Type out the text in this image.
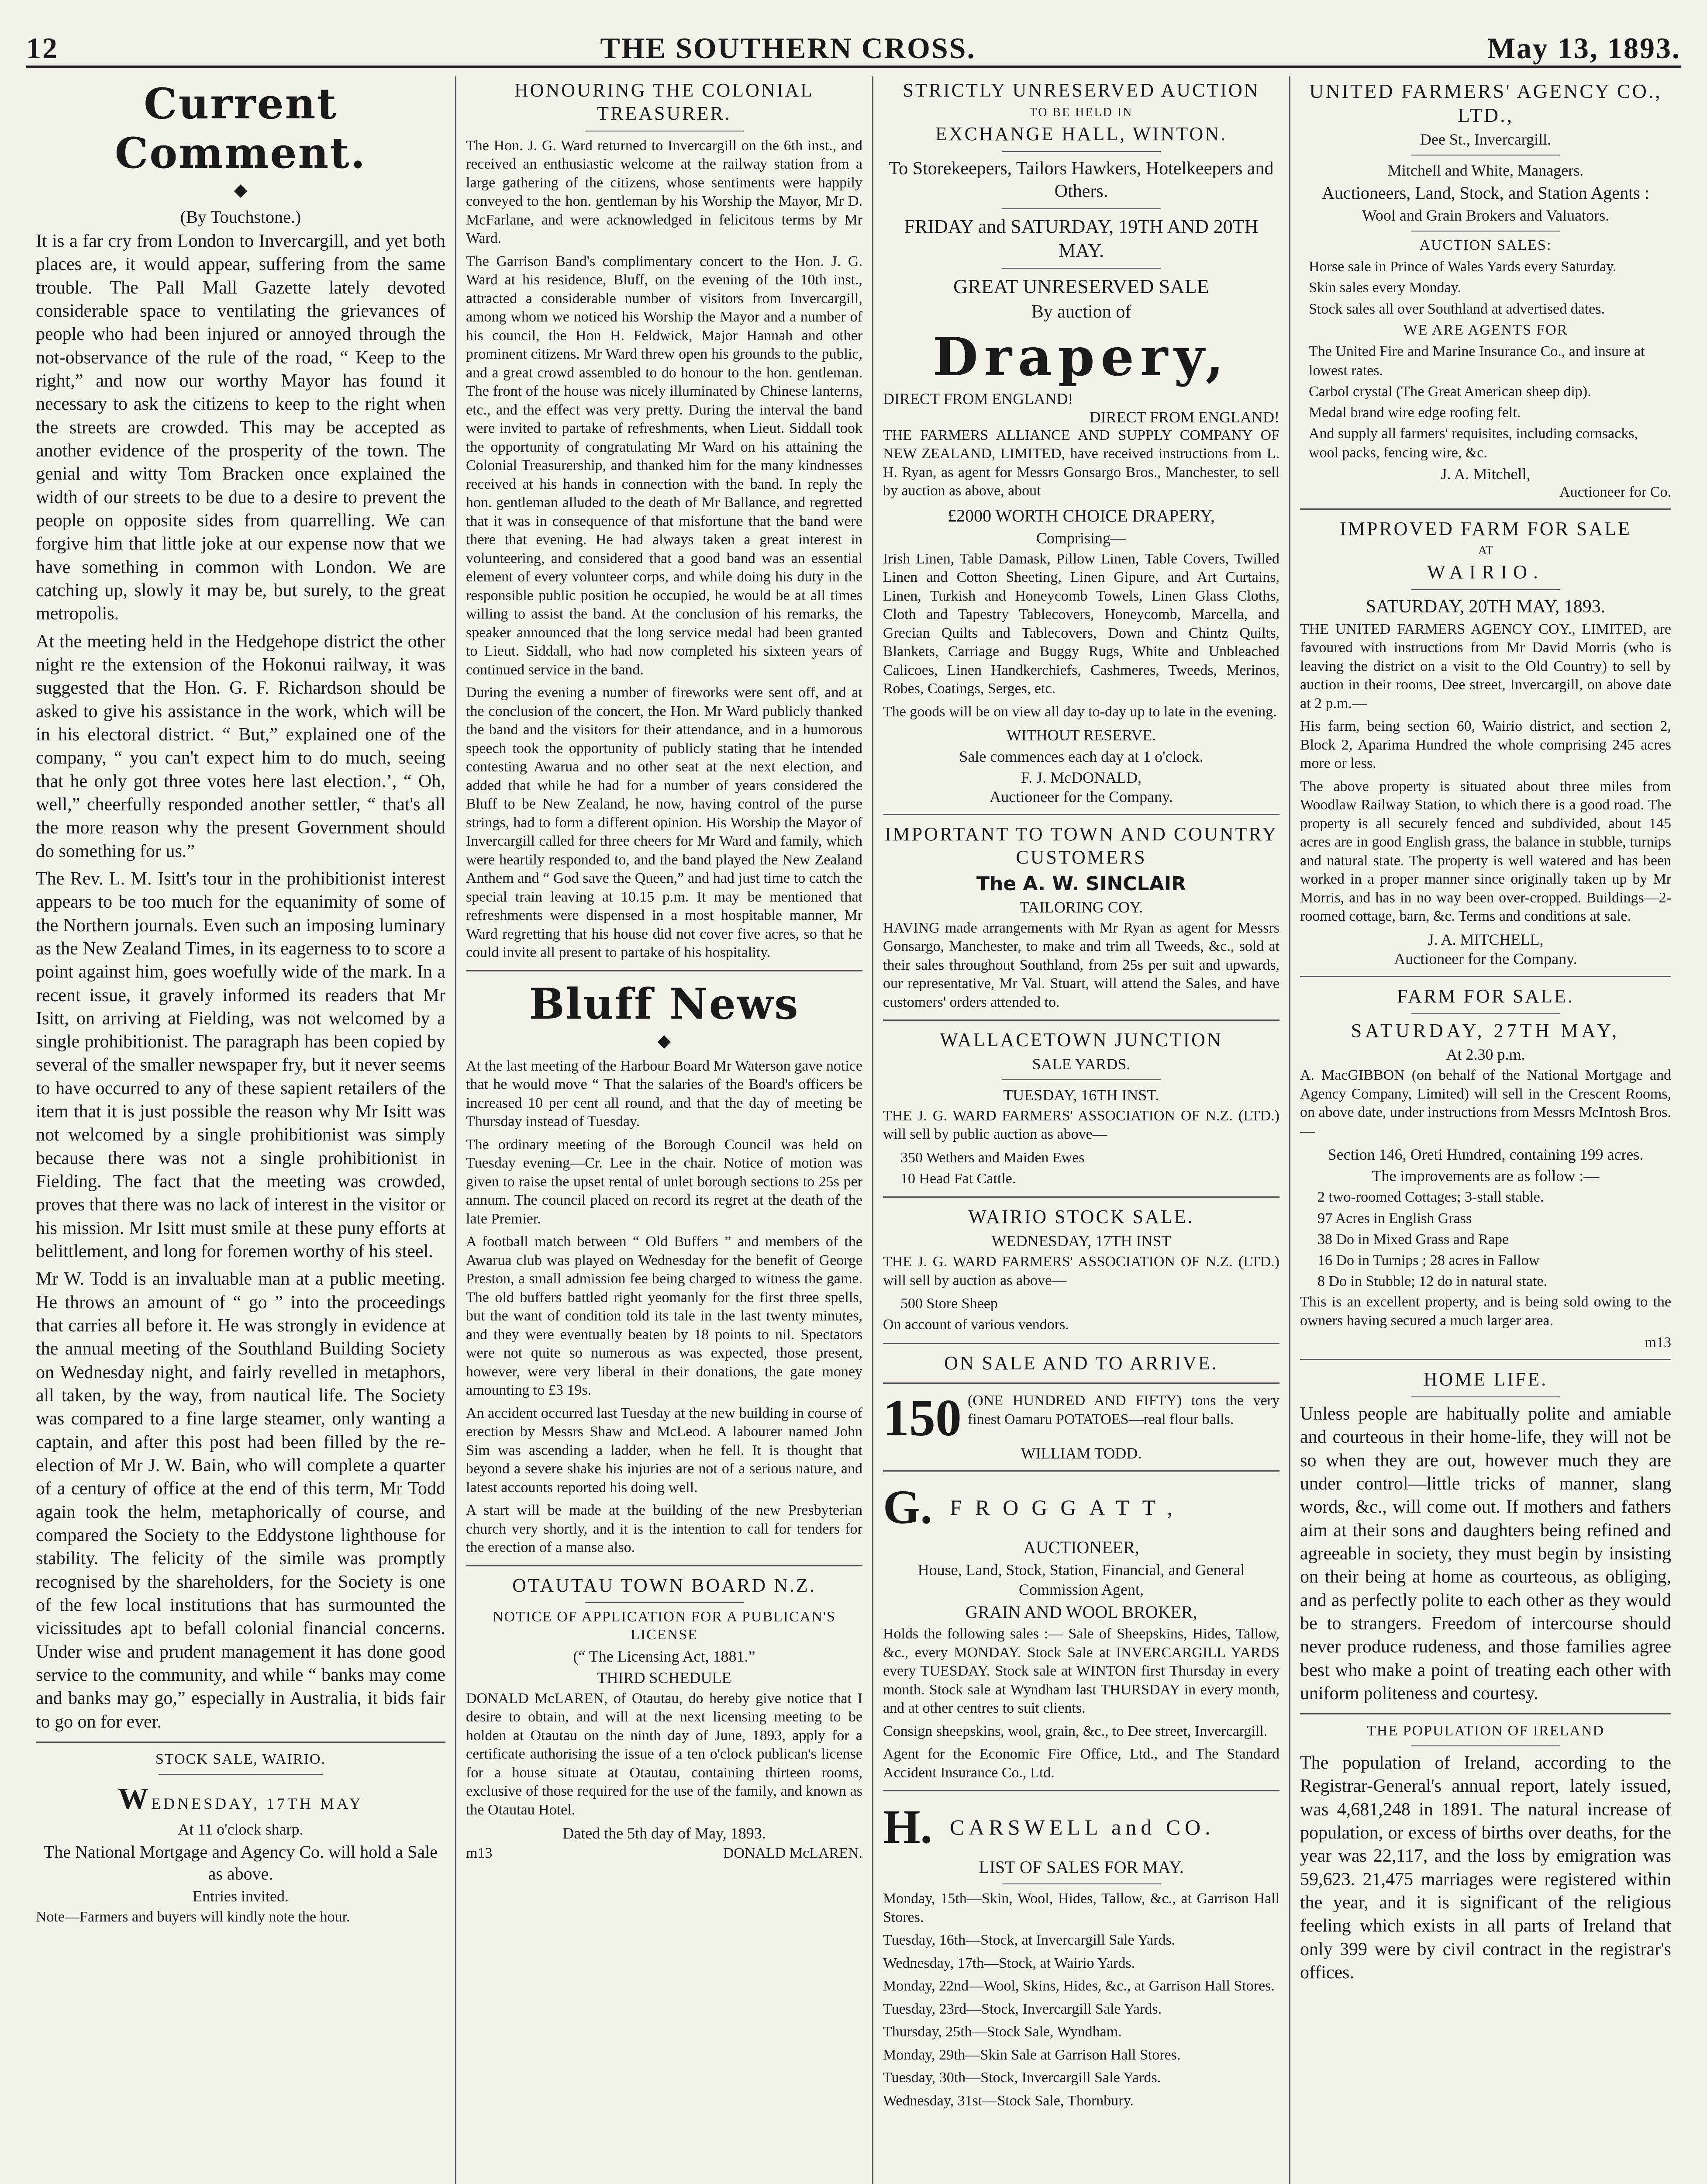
12	THE SOUTHERN CROSS.	May 13, 1893.
Current Comment.
◆
(By Touchstone.)

It is a far cry from London to Invercargill, and yet both places are, it would appear, suffering from the same trouble. The Pall Mall Gazette lately devoted considerable space to ventilating the grievances of people who had been injured or annoyed through the not-observance of the rule of the road, “ Keep to the right,” and now our worthy Mayor has found it necessary to ask the citizens to keep to the right when the streets are crowded. This may be accepted as another evidence of the prosperity of the town. The genial and witty Tom Bracken once explained the width of our streets to be due to a desire to prevent the people on opposite sides from quarrelling. We can forgive him that little joke at our expense now that we have something in common with London. We are catching up, slowly it may be, but surely, to the great metropolis.

At the meeting held in the Hedgehope district the other night re the extension of the Hokonui railway, it was suggested that the Hon. G. F. Richardson should be asked to give his assistance in the work, which will be in his electoral district. “ But,” explained one of the company, “ you can't expect him to do much, seeing that he only got three votes here last election.’, “ Oh, well,” cheerfully responded another settler, “ that's all the more reason why the present Government should do something for us.”

The Rev. L. M. Isitt's tour in the prohibitionist interest appears to be too much for the equanimity of some of the Northern journals. Even such an imposing luminary as the New Zealand Times, in its eagerness to to score a point against him, goes woefully wide of the mark. In a recent issue, it gravely informed its readers that Mr Isitt, on arriving at Fielding, was not welcomed by a single prohibitionist. The paragraph has been copied by several of the smaller newspaper fry, but it never seems to have occurred to any of these sapient retailers of the item that it is just possible the reason why Mr Isitt was not welcomed by a single prohibitionist was simply because there was not a single prohibitionist in Fielding. The fact that the meeting was crowded, proves that there was no lack of interest in the visitor or his mission. Mr Isitt must smile at these puny efforts at belittlement, and long for foremen worthy of his steel.

Mr W. Todd is an invaluable man at a public meeting. He throws an amount of “ go ” into the proceedings that carries all before it. He was strongly in evidence at the annual meeting of the Southland Building Society on Wednesday night, and fairly revelled in metaphors, all taken, by the way, from nautical life. The Society was compared to a fine large steamer, only wanting a captain, and after this post had been filled by the re-election of Mr J. W. Bain, who will complete a quarter of a century of office at the end of this term, Mr Todd again took the helm, metaphorically of course, and compared the Society to the Eddystone lighthouse for stability. The felicity of the simile was promptly recognised by the shareholders, for the Society is one of the few local institutions that has surmounted the vicissitudes apt to befall colonial financial concerns. Under wise and prudent management it has done good service to the community, and while “ banks may come and banks may go,” especially in Australia, it bids fair to go on for ever.

STOCK SALE, WAIRIO.
WEDNESDAY, 17TH MAY
At 11 o'clock sharp.
The National Mortgage and Agency Co. will hold a Sale as above.
Entries invited.

Note—Farmers and buyers will kindly note the hour.

HONOURING THE COLONIAL TREASURER.

The Hon. J. G. Ward returned to Invercargill on the 6th inst., and received an enthusiastic welcome at the railway station from a large gathering of the citizens, whose sentiments were happily conveyed to the hon. gentleman by his Worship the Mayor, Mr D. McFarlane, and were acknowledged in felicitous terms by Mr Ward.

The Garrison Band's complimentary concert to the Hon. J. G. Ward at his residence, Bluff, on the evening of the 10th inst., attracted a considerable number of visitors from Invercargill, among whom we noticed his Worship the Mayor and a number of his council, the Hon H. Feldwick, Major Hannah and other prominent citizens. Mr Ward threw open his grounds to the public, and a great crowd assembled to do honour to the hon. gentleman. The front of the house was nicely illuminated by Chinese lanterns, etc., and the effect was very pretty. During the interval the band were invited to partake of refreshments, when Lieut. Siddall took the opportunity of congratulating Mr Ward on his attaining the Colonial Treasurership, and thanked him for the many kindnesses received at his hands in connection with the band. In reply the hon. gentleman alluded to the death of Mr Ballance, and regretted that it was in consequence of that misfortune that the band were there that evening. He had always taken a great interest in volunteering, and considered that a good band was an essential element of every volunteer corps, and while doing his duty in the responsible public position he occupied, he would be at all times willing to assist the band. At the conclusion of his remarks, the speaker announced that the long service medal had been granted to Lieut. Siddall, who had now completed his sixteen years of continued service in the band.

During the evening a number of fireworks were sent off, and at the conclusion of the concert, the Hon. Mr Ward publicly thanked the band and the visitors for their attendance, and in a humorous speech took the opportunity of publicly stating that he intended contesting Awarua and no other seat at the next election, and added that while he had for a number of years considered the Bluff to be New Zealand, he now, having control of the purse strings, had to form a different opinion. His Worship the Mayor of Invercargill called for three cheers for Mr Ward and family, which were heartily responded to, and the band played the New Zealand Anthem and “ God save the Queen,” and had just time to catch the special train leaving at 10.15 p.m. It may be mentioned that refreshments were dispensed in a most hospitable manner, Mr Ward regretting that his house did not cover five acres, so that he could invite all present to partake of his hospitality.

Bluff News
◆

At the last meeting of the Harbour Board Mr Waterson gave notice that he would move “ That the salaries of the Board's officers be increased 10 per cent all round, and that the day of meeting be Thursday instead of Tuesday.

The ordinary meeting of the Borough Council was held on Tuesday evening—Cr. Lee in the chair. Notice of motion was given to raise the upset rental of unlet borough sections to 25s per annum. The council placed on record its regret at the death of the late Premier.

A football match between “ Old Buffers ” and members of the Awarua club was played on Wednesday for the benefit of George Preston, a small admission fee being charged to witness the game. The old buffers battled right yeomanly for the first three spells, but the want of condition told its tale in the last twenty minutes, and they were eventually beaten by 18 points to nil. Spectators were not quite so numerous as was expected, those present, however, were very liberal in their donations, the gate money amounting to £3 19s.

An accident occurred last Tuesday at the new building in course of erection by Messrs Shaw and McLeod. A labourer named John Sim was ascending a ladder, when he fell. It is thought that beyond a severe shake his injuries are not of a serious nature, and latest accounts reported his doing well.

A start will be made at the building of the new Presbyterian church very shortly, and it is the intention to call for tenders for the erection of a manse also.

OTAUTAU TOWN BOARD N.Z.
NOTICE OF APPLICATION FOR A PUBLICAN'S LICENSE
(“ The Licensing Act, 1881.”
THIRD SCHEDULE

DONALD McLAREN, of Otautau, do hereby give notice that I desire to obtain, and will at the next licensing meeting to be holden at Otautau on the ninth day of June, 1893, apply for a certificate authorising the issue of a ten o'clock publican's license for a house situate at Otautau, containing thirteen rooms, exclusive of those required for the use of the family, and known as the Otautau Hotel.

Dated the 5th day of May, 1893.
m13	DONALD McLAREN.
STRICTLY UNRESERVED AUCTION
TO BE HELD IN
EXCHANGE HALL, WINTON.
To Storekeepers, Tailors Hawkers, Hotelkeepers and Others.
FRIDAY and SATURDAY, 19TH AND 20TH MAY.
GREAT UNRESERVED SALE
By auction of
Drapery,
DIRECT FROM ENGLAND!
DIRECT FROM ENGLAND!

THE FARMERS ALLIANCE AND SUPPLY COMPANY OF NEW ZEALAND, LIMITED, have received instructions from L. H. Ryan, as agent for Messrs Gonsargo Bros., Manchester, to sell by auction as above, about

£2000 WORTH CHOICE DRAPERY,
Comprising—

Irish Linen, Table Damask, Pillow Linen, Table Covers, Twilled Linen and Cotton Sheeting, Linen Gipure, and Art Curtains, Linen, Turkish and Honeycomb Towels, Linen Glass Cloths, Cloth and Tapestry Tablecovers, Honeycomb, Marcella, and Grecian Quilts and Tablecovers, Down and Chintz Quilts, Blankets, Carriage and Buggy Rugs, White and Unbleached Calicoes, Linen Handkerchiefs, Cashmeres, Tweeds, Merinos, Robes, Coatings, Serges, etc.

The goods will be on view all day to-day up to late in the evening.

WITHOUT RESERVE.
Sale commences each day at 1 o'clock.
F. J. McDONALD,
Auctioneer for the Company.
IMPORTANT TO TOWN AND COUNTRY CUSTOMERS
The A. W. SINCLAIR
TAILORING COY.

HAVING made arrangements with Mr Ryan as agent for Messrs Gonsargo, Manchester, to make and trim all Tweeds, &c., sold at their sales throughout Southland, from 25s per suit and upwards, our representative, Mr Val. Stuart, will attend the Sales, and have customers' orders attended to.

WALLACETOWN JUNCTION
SALE YARDS.
TUESDAY, 16TH INST.

THE J. G. WARD FARMERS' ASSOCIATION OF N.Z. (LTD.) will sell by public auction as above—

350 Wethers and Maiden Ewes
10 Head Fat Cattle.
WAIRIO STOCK SALE.
WEDNESDAY, 17TH INST

THE J. G. WARD FARMERS' ASSOCIATION OF N.Z. (LTD.) will sell by auction as above—

500 Store Sheep
On account of various vendors.
ON SALE AND TO ARRIVE.
150 (ONE HUNDRED AND FIFTY) tons the very finest Oamaru POTATOES—real flour balls.

WILLIAM TODD.
G. FROGGATT,
AUCTIONEER,
House, Land, Stock, Station, Financial, and General Commission Agent,
GRAIN AND WOOL BROKER,

Holds the following sales :— Sale of Sheepskins, Hides, Tallow, &c., every MONDAY. Stock Sale at INVERCARGILL YARDS every TUESDAY. Stock sale at WINTON first Thursday in every month. Stock sale at Wyndham last THURSDAY in every month, and at other centres to suit clients.

Consign sheepskins, wool, grain, &c., to Dee street, Invercargill.

Agent for the Economic Fire Office, Ltd., and The Standard Accident Insurance Co., Ltd.

H. CARSWELL and CO.
LIST OF SALES FOR MAY.

Monday, 15th—Skin, Wool, Hides, Tallow, &c., at Garrison Hall Stores.

Tuesday, 16th—Stock, at Invercargill Sale Yards.

Wednesday, 17th—Stock, at Wairio Yards.

Monday, 22nd—Wool, Skins, Hides, &c., at Garrison Hall Stores.

Tuesday, 23rd—Stock, Invercargill Sale Yards.

Thursday, 25th—Stock Sale, Wyndham.

Monday, 29th—Skin Sale at Garrison Hall Stores.

Tuesday, 30th—Stock, Invercargill Sale Yards.

Wednesday, 31st—Stock Sale, Thornbury.

UNITED FARMERS' AGENCY CO., LTD.,
Dee St., Invercargill.
Mitchell and White, Managers.
Auctioneers, Land, Stock, and Station Agents :
Wool and Grain Brokers and Valuators.
AUCTION SALES:
Horse sale in Prince of Wales Yards every Saturday.
Skin sales every Monday.
Stock sales all over Southland at advertised dates.
WE ARE AGENTS FOR
The United Fire and Marine Insurance Co., and insure at lowest rates.
Carbol crystal (The Great American sheep dip).
Medal brand wire edge roofing felt.
And supply all farmers' requisites, including cornsacks, wool packs, fencing wire, &c.
J. A. Mitchell,
Auctioneer for Co.
IMPROVED FARM FOR SALE
AT
WAIRIO.
SATURDAY, 20TH MAY, 1893.

THE UNITED FARMERS AGENCY COY., LIMITED, are favoured with instructions from Mr David Morris (who is leaving the district on a visit to the Old Country) to sell by auction in their rooms, Dee street, Invercargill, on above date at 2 p.m.—

His farm, being section 60, Wairio district, and section 2, Block 2, Aparima Hundred the whole comprising 245 acres more or less.

The above property is situated about three miles from Woodlaw Railway Station, to which there is a good road. The property is all securely fenced and subdivided, about 145 acres are in good English grass, the balance in stubble, turnips and natural state. The property is well watered and has been worked in a proper manner since originally taken up by Mr Morris, and has in no way been over-cropped. Buildings—2-roomed cottage, barn, &c. Terms and conditions at sale.

J. A. MITCHELL,
Auctioneer for the Company.
FARM FOR SALE.
SATURDAY, 27TH MAY,
At 2.30 p.m.

A. MacGIBBON (on behalf of the National Mortgage and Agency Company, Limited) will sell in the Crescent Rooms, on above date, under instructions from Messrs McIntosh Bros.—

Section 146, Oreti Hundred, containing 199 acres.
The improvements are as follow :—
2 two-roomed Cottages; 3-stall stable.
97 Acres in English Grass
38 Do in Mixed Grass and Rape
16 Do in Turnips ; 28 acres in Fallow
8 Do in Stubble; 12 do in natural state.

This is an excellent property, and is being sold owing to the owners having secured a much larger area.

m13
HOME LIFE.

Unless people are habitually polite and amiable and courteous in their home-life, they will not be so when they are out, however much they are under control—little tricks of manner, slang words, &c., will come out. If mothers and fathers aim at their sons and daughters being refined and agreeable in society, they must begin by insisting on their being at home as courteous, as obliging, and as perfectly polite to each other as they would be to strangers. Freedom of intercourse should never produce rudeness, and those families agree best who make a point of treating each other with uniform politeness and courtesy.

THE POPULATION OF IRELAND

The population of Ireland, according to the Registrar-General's annual report, lately issued, was 4,681,248 in 1891. The natural increase of population, or excess of births over deaths, for the year was 22,117, and the loss by emigration was 59,623. 21,475 marriages were registered within the year, and it is significant of the religious feeling which exists in all parts of Ireland that only 399 were by civil contract in the registrar's offices.
